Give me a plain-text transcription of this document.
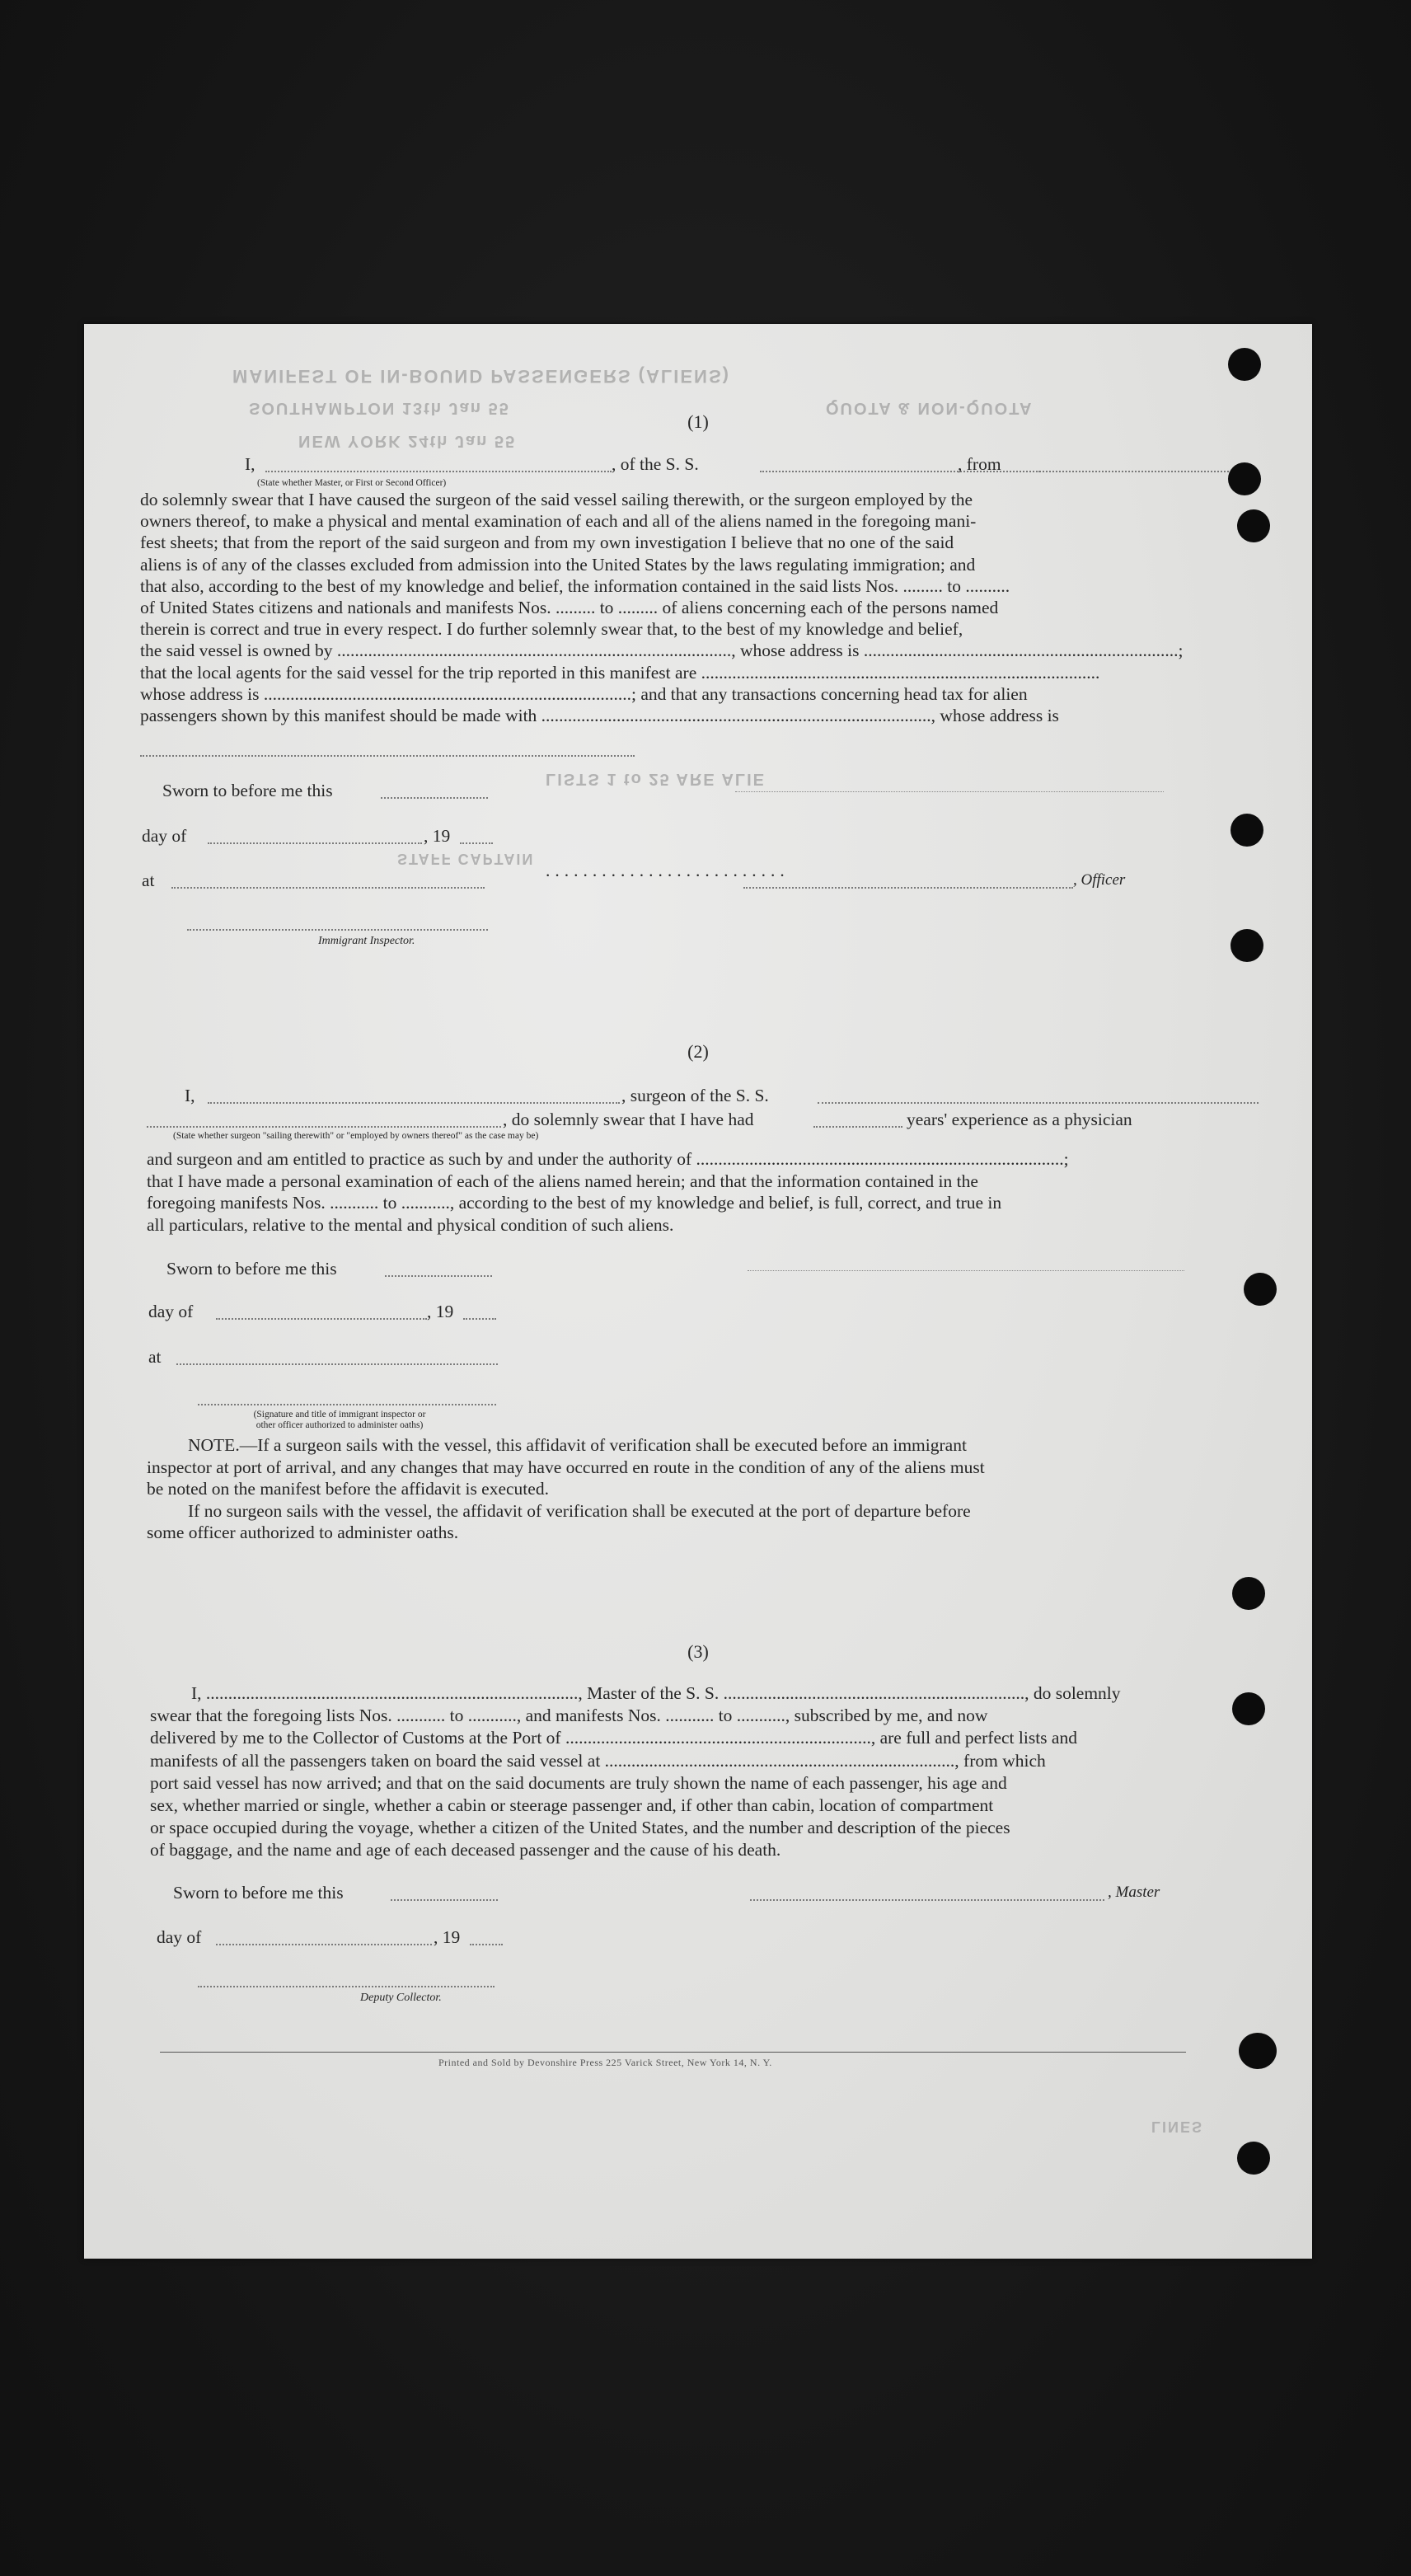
MANIFEST OF IN-BOUND PASSENGERS (ALIENS)
SOUTHAMPTON 13th Jan 55
NEW YORK 24th Jan 55
QUOTA & NON-QUOTA
LISTS 1 to 25 ARE ALIE
STAFF CAPTAIN
LINES
(1)
I,	, of the S. S.	, from
(State whether Master, or First or Second Officer)
do solemnly swear that I have caused the surgeon of the said vessel sailing therewith, or the surgeon employed by the
owners thereof, to make a physical and mental examination of each and all of the aliens named in the foregoing mani-
fest sheets; that from the report of the said surgeon and from my own investigation I believe that no one of the said
aliens is of any of the classes excluded from admission into the United States by the laws regulating immigration; and
that also, according to the best of my knowledge and belief, the information contained in the said lists Nos. ......... to ..........
of United States citizens and nationals and manifests Nos. ......... to ......... of aliens concerning each of the persons named
therein is correct and true in every respect. I do further solemnly swear that, to the best of my knowledge and belief,
the said vessel is owned by ........................................................................................., whose address is .......................................................................;
that the local agents for the said vessel for the trip reported in this manifest are ..........................................................................................
whose address is ...................................................................................; and that any transactions concerning head tax for alien
passengers shown by this manifest should be made with ........................................................................................, whose address is
Sworn to before me this
day of	, 19
at	..........................	, Officer
Immigrant Inspector.
(2)
I,	, surgeon of the S. S.
, do solemnly swear that I have had	years' experience as a physician
(State whether surgeon "sailing therewith" or "employed by owners thereof" as the case may be)
and surgeon and am entitled to practice as such by and under the authority of ...................................................................................;
that I have made a personal examination of each of the aliens named herein; and that the information contained in the
foregoing manifests Nos. ........... to ..........., according to the best of my knowledge and belief, is full, correct, and true in
all particulars, relative to the mental and physical condition of such aliens.
Sworn to before me this
day of	, 19
at
(Signature and title of immigrant inspector or
other officer authorized to administer oaths)
NOTE.—If a surgeon sails with the vessel, this affidavit of verification shall be executed before an immigrant
inspector at port of arrival, and any changes that may have occurred en route in the condition of any of the aliens must
be noted on the manifest before the affidavit is executed.
If no surgeon sails with the vessel, the affidavit of verification shall be executed at the port of departure before
some officer authorized to administer oaths.
(3)
I, ...................................................................................., Master of the S. S. ...................................................................., do solemnly
swear that the foregoing lists Nos. ........... to ..........., and manifests Nos. ........... to ..........., subscribed by me, and now
delivered by me to the Collector of Customs at the Port of ....................................................................., are full and perfect lists and
manifests of all the passengers taken on board the said vessel at ..............................................................................., from which
port said vessel has now arrived; and that on the said documents are truly shown the name of each passenger, his age and
sex, whether married or single, whether a cabin or steerage passenger and, if other than cabin, location of compartment
or space occupied during the voyage, whether a citizen of the United States, and the number and description of the pieces
of baggage, and the name and age of each deceased passenger and the cause of his death.
Sworn to before me this	, Master
day of	, 19
Deputy Collector.
Printed and Sold by Devonshire Press 225 Varick Street, New York 14, N. Y.
